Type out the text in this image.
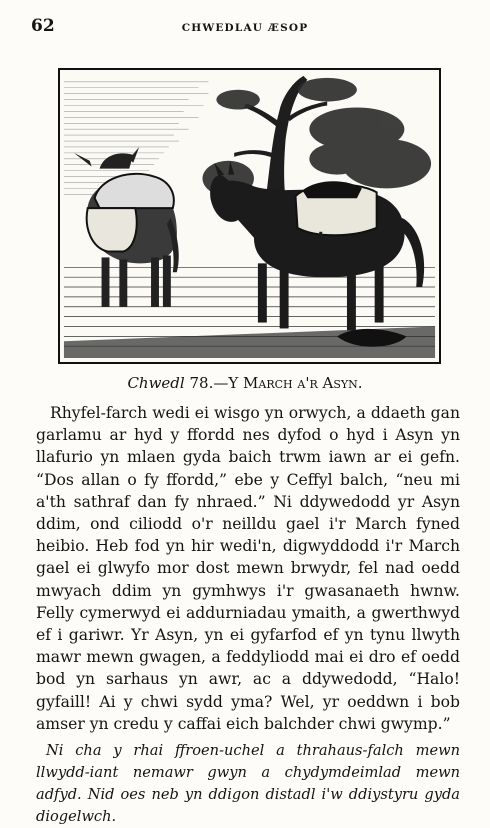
62	CHWEDLAU ÆSOP
Chwedl 78.—Y March a'r Asyn.

Rhyfel-farch wedi ei wisgo yn orwych, a ddaeth gan garlamu ar hyd y ffordd nes dyfod o hyd i Asyn yn llafurio yn mlaen gyda baich trwm iawn ar ei gefn. “Dos allan o fy ffordd,” ebe y Ceffyl balch, “neu mi a'th sathraf dan fy nhraed.” Ni ddywedodd yr Asyn ddim, ond ciliodd o'r neilldu gael i'r March fyned heibio. Heb fod yn hir wedi'n, digwyddodd i'r March gael ei glwyfo mor dost mewn brwydr, fel nad oedd mwyach ddim yn gymhwys i'r gwasanaeth hwnw. Felly cymerwyd ei addurniadau ymaith, a gwerthwyd ef i gariwr. Yr Asyn, yn ei gyfarfod ef yn tynu llwyth mawr mewn gwagen, a feddyliodd mai ei dro ef oedd bod yn sarhaus yn awr, ac a ddywedodd, “Halo! gyfaill! Ai y chwi sydd yma? Wel, yr oeddwn i bob amser yn credu y caffai eich balchder chwi gwymp.”

Ni cha y rhai ffroen-uchel a thrahaus-falch mewn llwydd-iant nemawr gwyn a chydymdeimlad mewn adfyd. Nid oes neb yn ddigon distadl i'w ddiystyru gyda diogelwch.
